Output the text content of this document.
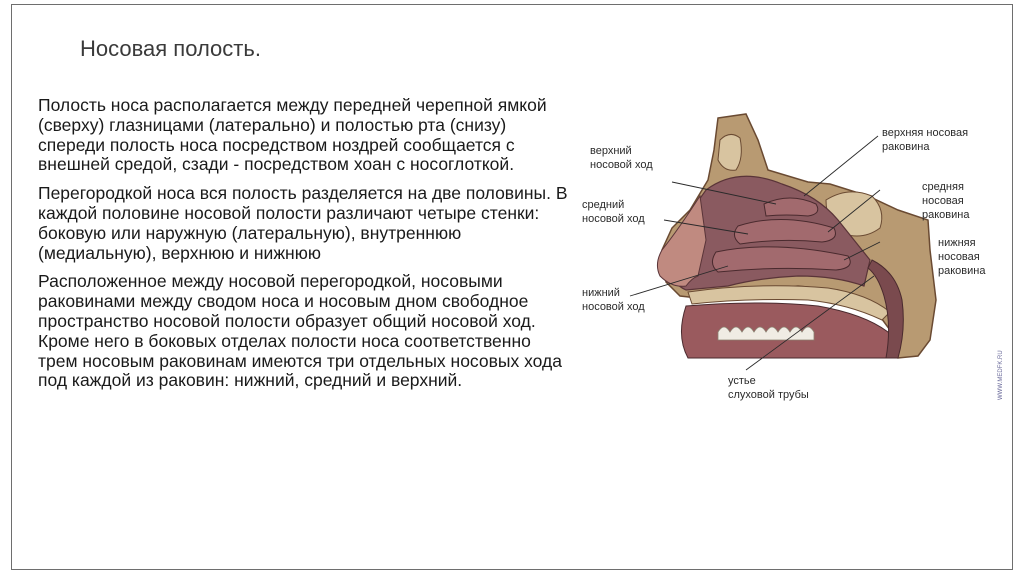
Носовая полость.

Полость носа располагается между передней черепной ямкой (сверху) глазницами (латерально) и полостью рта (снизу) спереди полость носа посредством ноздрей сообщается с внешней средой, сзади - посредством хоан с носоглоткой.

Перегородкой носа вся полость разделяется на две половины. В каждой половине носовой полости различают четыре стенки: боковую или наружную (латеральную), внутреннюю (медиальную), верхнюю и нижнюю

Расположенное между носовой перегородкой, носовыми раковинами между сводом носа и носовым дном свободное пространство носовой полости образует общий носовой ход. Кроме него в боковых отделах полости носа соответственно трем носовым раковинам имеются три отдельных носовых хода под каждой из раковин: нижний, средний и верхний.

верхний носовой ход
средний носовой ход
нижний носовой ход
верхняя носовая раковина
средняя носовая раковина
нижняя носовая раковина
устье слуховой трубы	WWW.MEDFK.RU
